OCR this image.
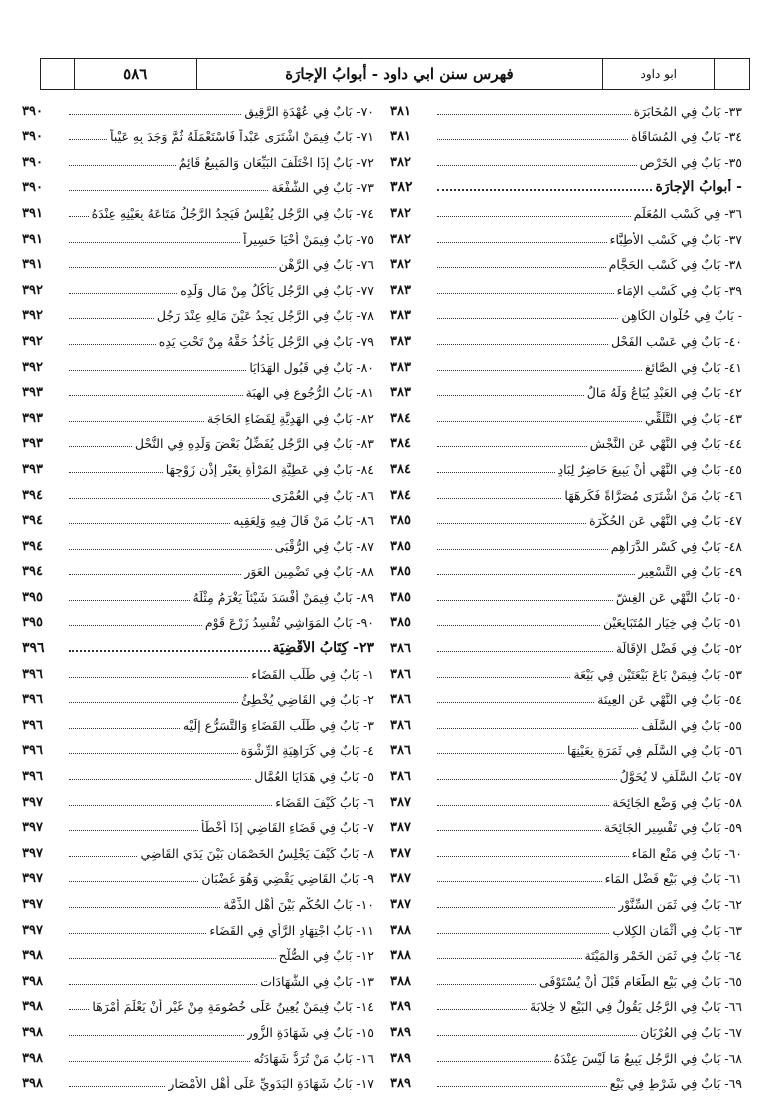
٥٨٦	فهرس سنن ابي داود - أبوابُ الإجارَة	ابو داود
٣٨١	٣٣- بَابٌ فِي المُخَابَرَة
٣٨١	٣٤- بَابٌ فِي المُسَاقَاة
٣٨٢	٣٥- بَابٌ فِي الخَرْصِ
٣٨٢	- أبوابُ الإجارَة
٣٨٢	٣٦- فِي كَسْبِ المُعَلِّم
٣٨٢	٣٧- بَابٌ فِي كَسْبِ الأطِبَّاء
٣٨٢	٣٨- بَابٌ فِي كَسْبِ الحَجَّام
٣٨٣	٣٩- بَابٌ فِي كَسْبِ الإمَاء
٣٨٣	- بَابٌ فِي حُلْوانِ الكَاهِن
٣٨٣	٤٠- بَابٌ فِي عَسْبِ الفَحْل
٣٨٣	٤١- بَابٌ فِي الصَّائغ
٣٨٣	٤٢- بَابٌ فِي العَبْدِ يُبَاعُ وَلَهُ مَالٌ
٣٨٤	٤٣- بَابٌ فِي التَّلَقِّي
٣٨٤	٤٤- بَابٌ فِي النَّهْي عَنِ النَّجْش
٣٨٤	٤٥- بَابٌ فِي النَّهْي أنْ يَبِيعَ حَاضِرٌ لِبَادٍ
٣٨٤	٤٦- بَابُ مَنْ اشْتَرَى مُصَرَّاةً فَكَرِهَهَا
٣٨٥	٤٧- بَابٌ فِي النَّهْي عَنِ الحُكْرَة
٣٨٥	٤٨- بَابٌ فِي كَسْرِ الدَّرَاهِم
٣٨٥	٤٩- بَابٌ فِي التَّسْعِير
٣٨٥	٥٠- بَابُ النَّهْي عَنِ الغِشّ
٣٨٥	٥١- بَابٌ فِي خِيَارِ المُتَبَايِعَيْن
٣٨٦	٥٢- بَابٌ فِي فَضْلِ الإقَالَة
٣٨٦	٥٣- بَابٌ فِيمَنْ بَاعَ بَيْعَتَيْنِ فِي بَيْعَة
٣٨٦	٥٤- بَابٌ فِي النَّهْي عَنِ العِينَة
٣٨٦	٥٥- بَابٌ فِي السَّلَف
٣٨٦	٥٦- بَابٌ فِي السَّلَمِ فِي ثَمَرَةٍ بِعَيْنِهَا
٣٨٦	٥٧- بَابُ السَّلَفِ لا يُحَوَّلُ
٣٨٧	٥٨- بَابٌ فِي وَضْعِ الجَائِحَة
٣٨٧	٥٩- بَابٌ فِي تَفْسِيرِ الجَائِحَة
٣٨٧	٦٠- بَابٌ فِي مَنْعِ المَاء
٣٨٧	٦١- بَابٌ فِي بَيْعِ فَضْلِ المَاء
٣٨٧	٦٢- بَابٌ فِي ثَمَنِ السِّنَّوْر
٣٨٨	٦٣- بَابٌ فِي أثْمَانِ الكِلاب
٣٨٨	٦٤- بَابٌ فِي ثَمَنِ الخَمْرِ وَالمَيْتَة
٣٨٨	٦٥- بَابٌ فِي بَيْعِ الطَّعَامِ قَبْلَ أنْ يُسْتَوْفَى
٣٨٩	٦٦- بَابٌ فِي الرَّجُلِ يَقُولُ فِي البَيْعِ لا خِلابَةَ
٣٨٩	٦٧- بَابٌ فِي العُرْبَان
٣٨٩	٦٨- بَابٌ فِي الرَّجُلِ يَبِيعُ مَا لَيْسَ عِنْدَهُ
٣٨٩	٦٩- بَابٌ فِي شَرْطٍ فِي بَيْع
٣٩٠	٧٠- بَابٌ فِي عُهْدَةِ الرَّقِيق
٣٩٠	٧١- بَابٌ فِيمَنْ اشْتَرَى عَبْداً فَاسْتَعْمَلَهُ ثُمَّ وَجَدَ بِهِ عَيْباً
٣٩٠	٧٢- بَابٌ إذَا اخْتَلَفَ البَيِّعَانِ وَالمَبِيعُ قَائِمٌ
٣٩٠	٧٣- بَابٌ فِي الشُّفْعَة
٣٩١	٧٤- بَابٌ فِي الرَّجُلِ يُفْلِسُ فَيَجِدُ الرَّجُلُ مَتَاعَهُ بِعَيْنِهِ عِنْدَهُ
٣٩١	٧٥- بَابٌ فِيمَنْ أحْيَا حَسِيراً
٣٩١	٧٦- بَابٌ فِي الرَّهْن
٣٩٢	٧٧- بَابٌ فِي الرَّجُلِ يَأْكُلُ مِنْ مَالِ وَلَدِه
٣٩٢	٧٨- بَابٌ فِي الرَّجُلِ يَجِدُ عَيْنَ مَالِهِ عِنْدَ رَجُل
٣٩٢	٧٩- بَابٌ فِي الرَّجُلِ يَأْخُذُ حَقَّهُ مِنْ تَحْتِ يَدِه
٣٩٢	٨٠- بَابٌ فِي قَبُولِ الهَدَايَا
٣٩٣	٨١- بَابُ الرُّجُوعِ فِي الهِبَة
٣٩٣	٨٢- بَابٌ فِي الهَدِيَّةِ لِقَضَاءِ الحَاجَة
٣٩٣	٨٣- بَابٌ فِي الرَّجُلِ يُفَضِّلُ بَعْضَ وَلَدِهِ فِي النُّحْل
٣٩٣	٨٤- بَابٌ فِي عَطِيَّةِ المَرْأةِ بِغَيْرِ إذْنِ زَوْجِهَا
٣٩٤	٨٦- بَابٌ فِي العُمْرَى
٣٩٤	٨٦- بَابُ مَنْ قَالَ فِيهِ وَلِعَقِبِه
٣٩٤	٨٧- بَابٌ فِي الرُّقْبَى
٣٩٤	٨٨- بَابٌ فِي تَضْمِينِ العَوَر
٣٩٥	٨٩- بَابٌ فِيمَنْ أفْسَدَ شَيْئاً يَغْرَمُ مِثْلَهُ
٣٩٥	٩٠- بَابُ المَوَاشِي تُفْسِدُ زَرْعَ قَوْم
٣٩٦	٢٣- كِتَابُ الأقْضِيَة
٣٩٦	١- بَابٌ فِي طَلَبِ القَضَاء
٣٩٦	٢- بَابٌ فِي القَاضِي يُخْطِئُ
٣٩٦	٣- بَابٌ فِي طَلَبِ القَضَاءِ وَالتَّسَرُّعِ إلَيْه
٣٩٦	٤- بَابٌ فِي كَرَاهِيَةِ الرِّشْوَة
٣٩٦	٥- بَابٌ فِي هَدَايَا العُمَّال
٣٩٧	٦- بَابُ كَيْفَ القَضَاء
٣٩٧	٧- بَابٌ فِي قَضَاءِ القَاضِي إذَا أخْطَأ
٣٩٧	٨- بَابٌ كَيْفَ يَجْلِسُ الخَصْمَانِ بَيْنَ يَدَيِ القَاضِي
٣٩٧	٩- بَابٌ القَاضِي يَقْضِي وَهُوَ غَضْبَان
٣٩٧	١٠- بَابُ الحُكْمِ بَيْنَ أهْلِ الذِّمَّة
٣٩٧	١١- بَابُ اجْتِهَادِ الرَّأْيِ فِي القَضَاء
٣٩٨	١٢- بَابٌ فِي الصُّلْح
٣٩٨	١٣- بَابٌ فِي الشَّهَادَات
٣٩٨	١٤- بَابٌ فِيمَنْ يُعِينُ عَلَى خُصُومَةٍ مِنْ غَيْرِ أنْ يَعْلَمَ أمْرَهَا
٣٩٨	١٥- بَابٌ فِي شَهَادَةِ الزُّور
٣٩٨	١٦- بَابُ مَنْ تُرَدُّ شَهَادَتُه
٣٩٨	١٧- بَابُ شَهَادَةِ البَدَوِيِّ عَلَى أهْلِ الأمْصَار
